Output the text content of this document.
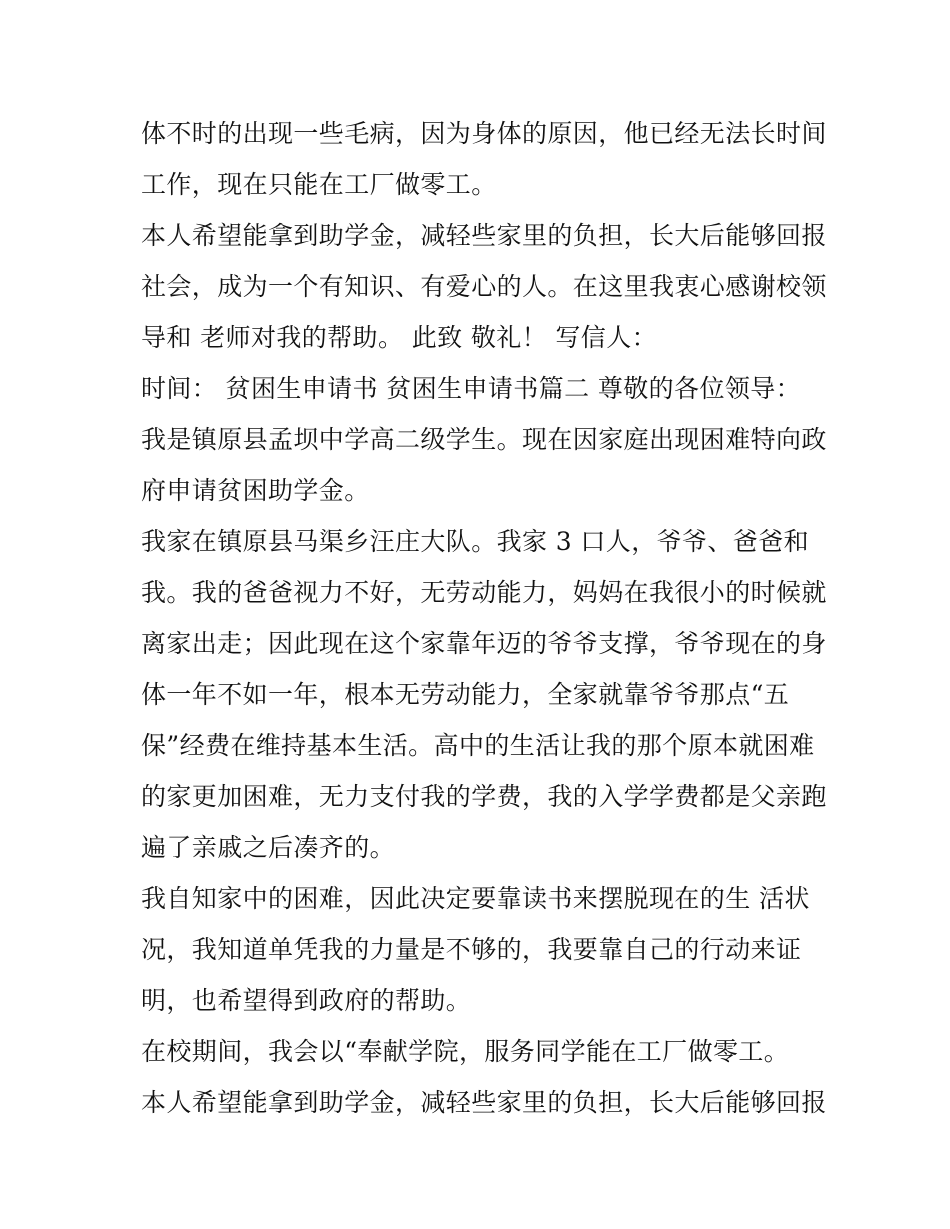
体不时的出现一些毛病，因为身体的原因，他已经无法长时间
工作，现在只能在工厂做零工。
本人希望能拿到助学金，减轻些家里的负担，长大后能够回报
社会，成为一个有知识、有爱心的人。在这里我衷心感谢校领
导和 老师对我的帮助。 此致 敬礼！ 写信人：
时间： 贫困生申请书 贫困生申请书篇二 尊敬的各位领导：
我是镇原县孟坝中学高二级学生。现在因家庭出现困难特向政
府申请贫困助学金。
我家在镇原县马渠乡汪庄大队。我家 3 口人，爷爷、爸爸和
我。我的爸爸视力不好，无劳动能力，妈妈在我很小的时候就
离家出走；因此现在这个家靠年迈的爷爷支撑，爷爷现在的身
体一年不如一年，根本无劳动能力，全家就靠爷爷那点“五
保”经费在维持基本生活。高中的生活让我的那个原本就困难
的家更加困难，无力支付我的学费，我的入学学费都是父亲跑
遍了亲戚之后凑齐的。
我自知家中的困难，因此决定要靠读书来摆脱现在的生 活状
况，我知道单凭我的力量是不够的，我要靠自己的行动来证
明，也希望得到政府的帮助。
在校期间，我会以“奉献学院，服务同学能在工厂做零工。
本人希望能拿到助学金，减轻些家里的负担，长大后能够回报
